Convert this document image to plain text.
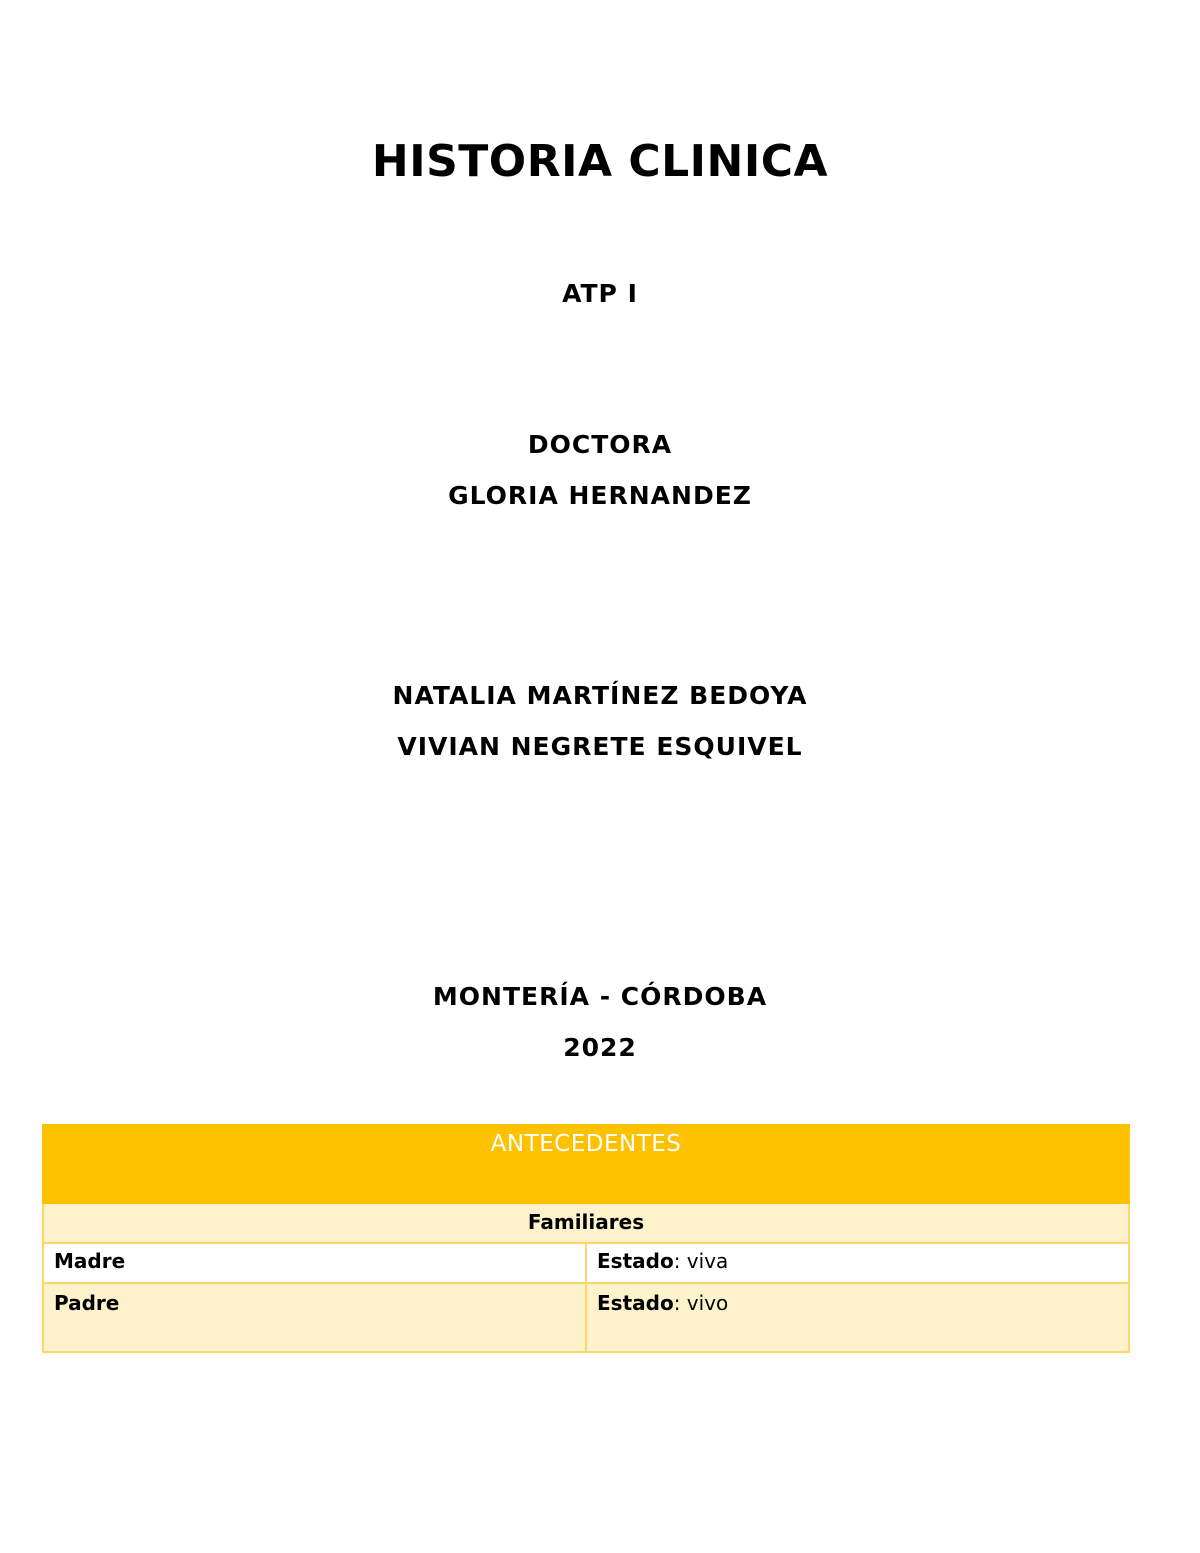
HISTORIA CLINICA
ATP I
DOCTORA
GLORIA HERNANDEZ
NATALIA MARTÍNEZ BEDOYA
VIVIAN NEGRETE ESQUIVEL
MONTERÍA - CÓRDOBA
2022
ANTECEDENTES	
Familiares	
Madre	Estado: viva
Padre	Estado: vivo
